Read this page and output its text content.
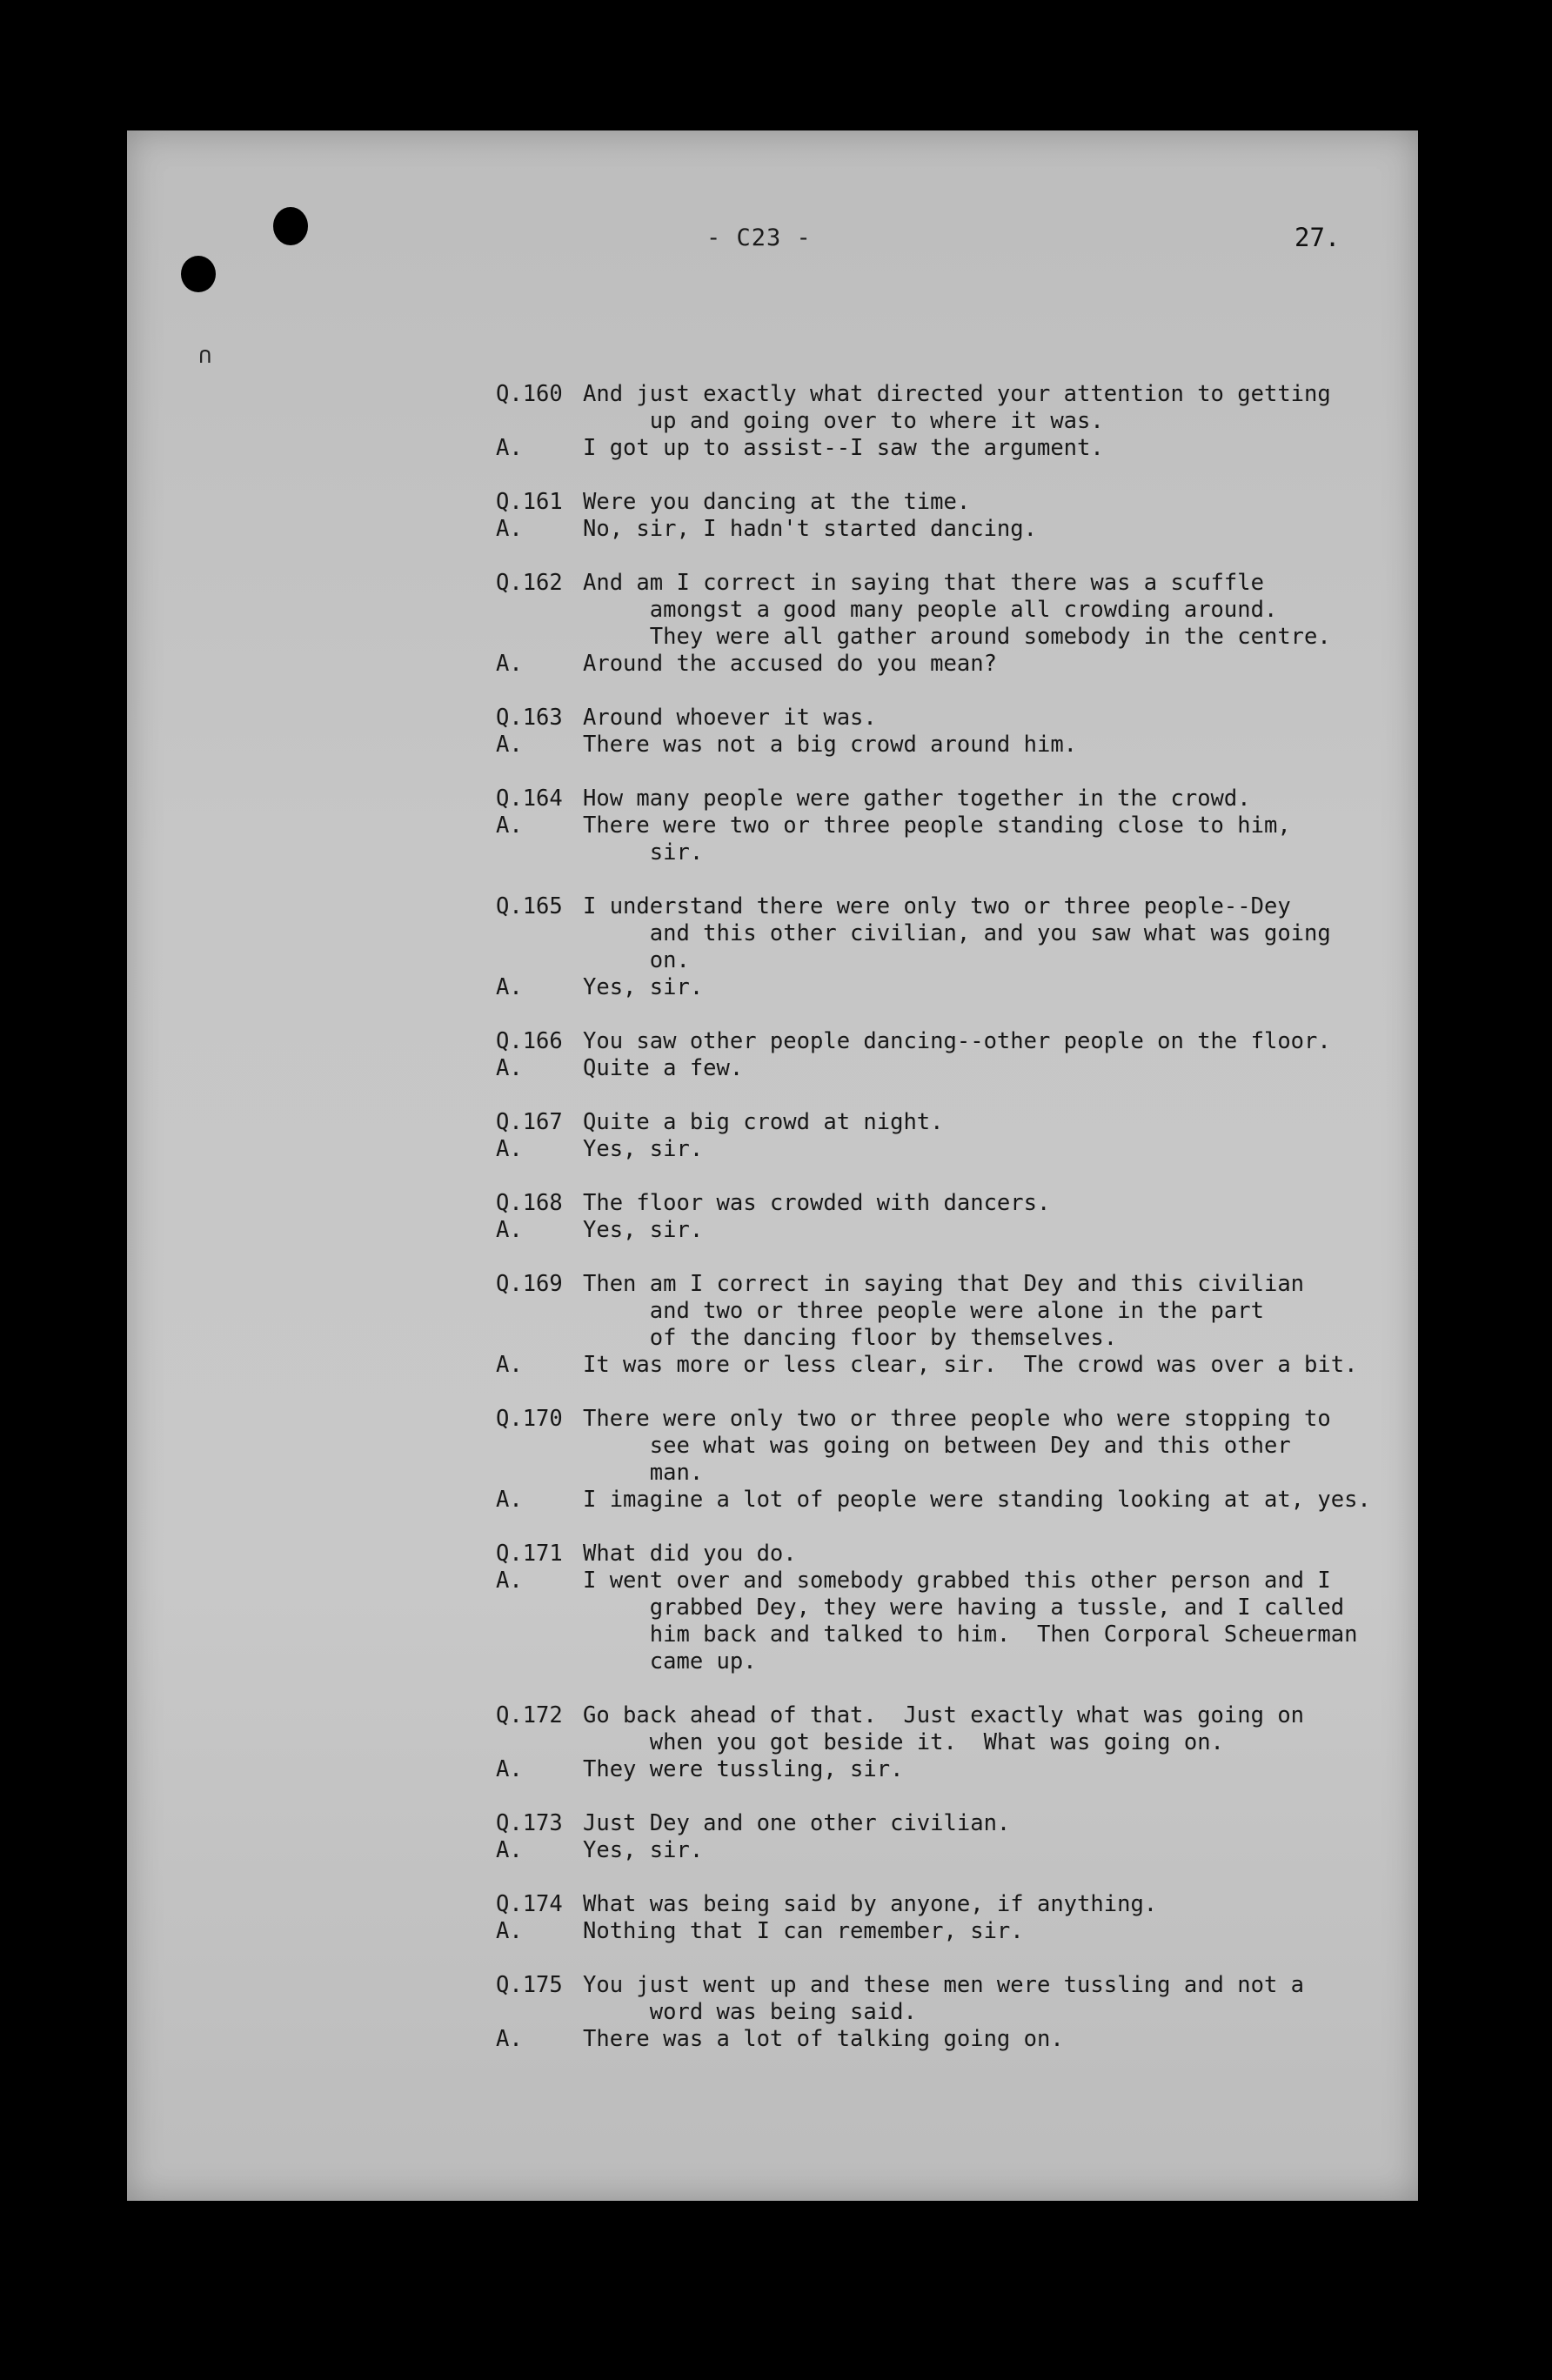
∩
- C23 -	27.
Q.160 And just exactly what directed your attention to getting
up and going over to where it was.
A.	I got up to assist--I saw the argument.
Q.161 Were you dancing at the time.
A.	No, sir, I hadn't started dancing.
Q.162 And am I correct in saying that there was a scuffle
amongst a good many people all crowding around.
They were all gather around somebody in the centre.
A.	Around the accused do you mean?
Q.163 Around whoever it was.
A.	There was not a big crowd around him.
Q.164 How many people were gather together in the crowd.
A.	There were two or three people standing close to him,
sir.
Q.165 I understand there were only two or three people--Dey
and this other civilian, and you saw what was going
on.
A.	Yes, sir.
Q.166 You saw other people dancing--other people on the floor.
A.	Quite a few.
Q.167 Quite a big crowd at night.
A.	Yes, sir.
Q.168 The floor was crowded with dancers.
A.	Yes, sir.
Q.169 Then am I correct in saying that Dey and this civilian
and two or three people were alone in the part
of the dancing floor by themselves.
A.	It was more or less clear, sir.  The crowd was over a bit.
Q.170 There were only two or three people who were stopping to
see what was going on between Dey and this other
man.
A.	I imagine a lot of people were standing looking at at, yes.
Q.171 What did you do.
A.	I went over and somebody grabbed this other person and I
grabbed Dey, they were having a tussle, and I called
him back and talked to him.  Then Corporal Scheuerman
came up.
Q.172 Go back ahead of that.  Just exactly what was going on
when you got beside it.  What was going on.
A.	They were tussling, sir.
Q.173 Just Dey and one other civilian.
A.	Yes, sir.
Q.174 What was being said by anyone, if anything.
A.	Nothing that I can remember, sir.
Q.175 You just went up and these men were tussling and not a
word was being said.
A.	There was a lot of talking going on.
